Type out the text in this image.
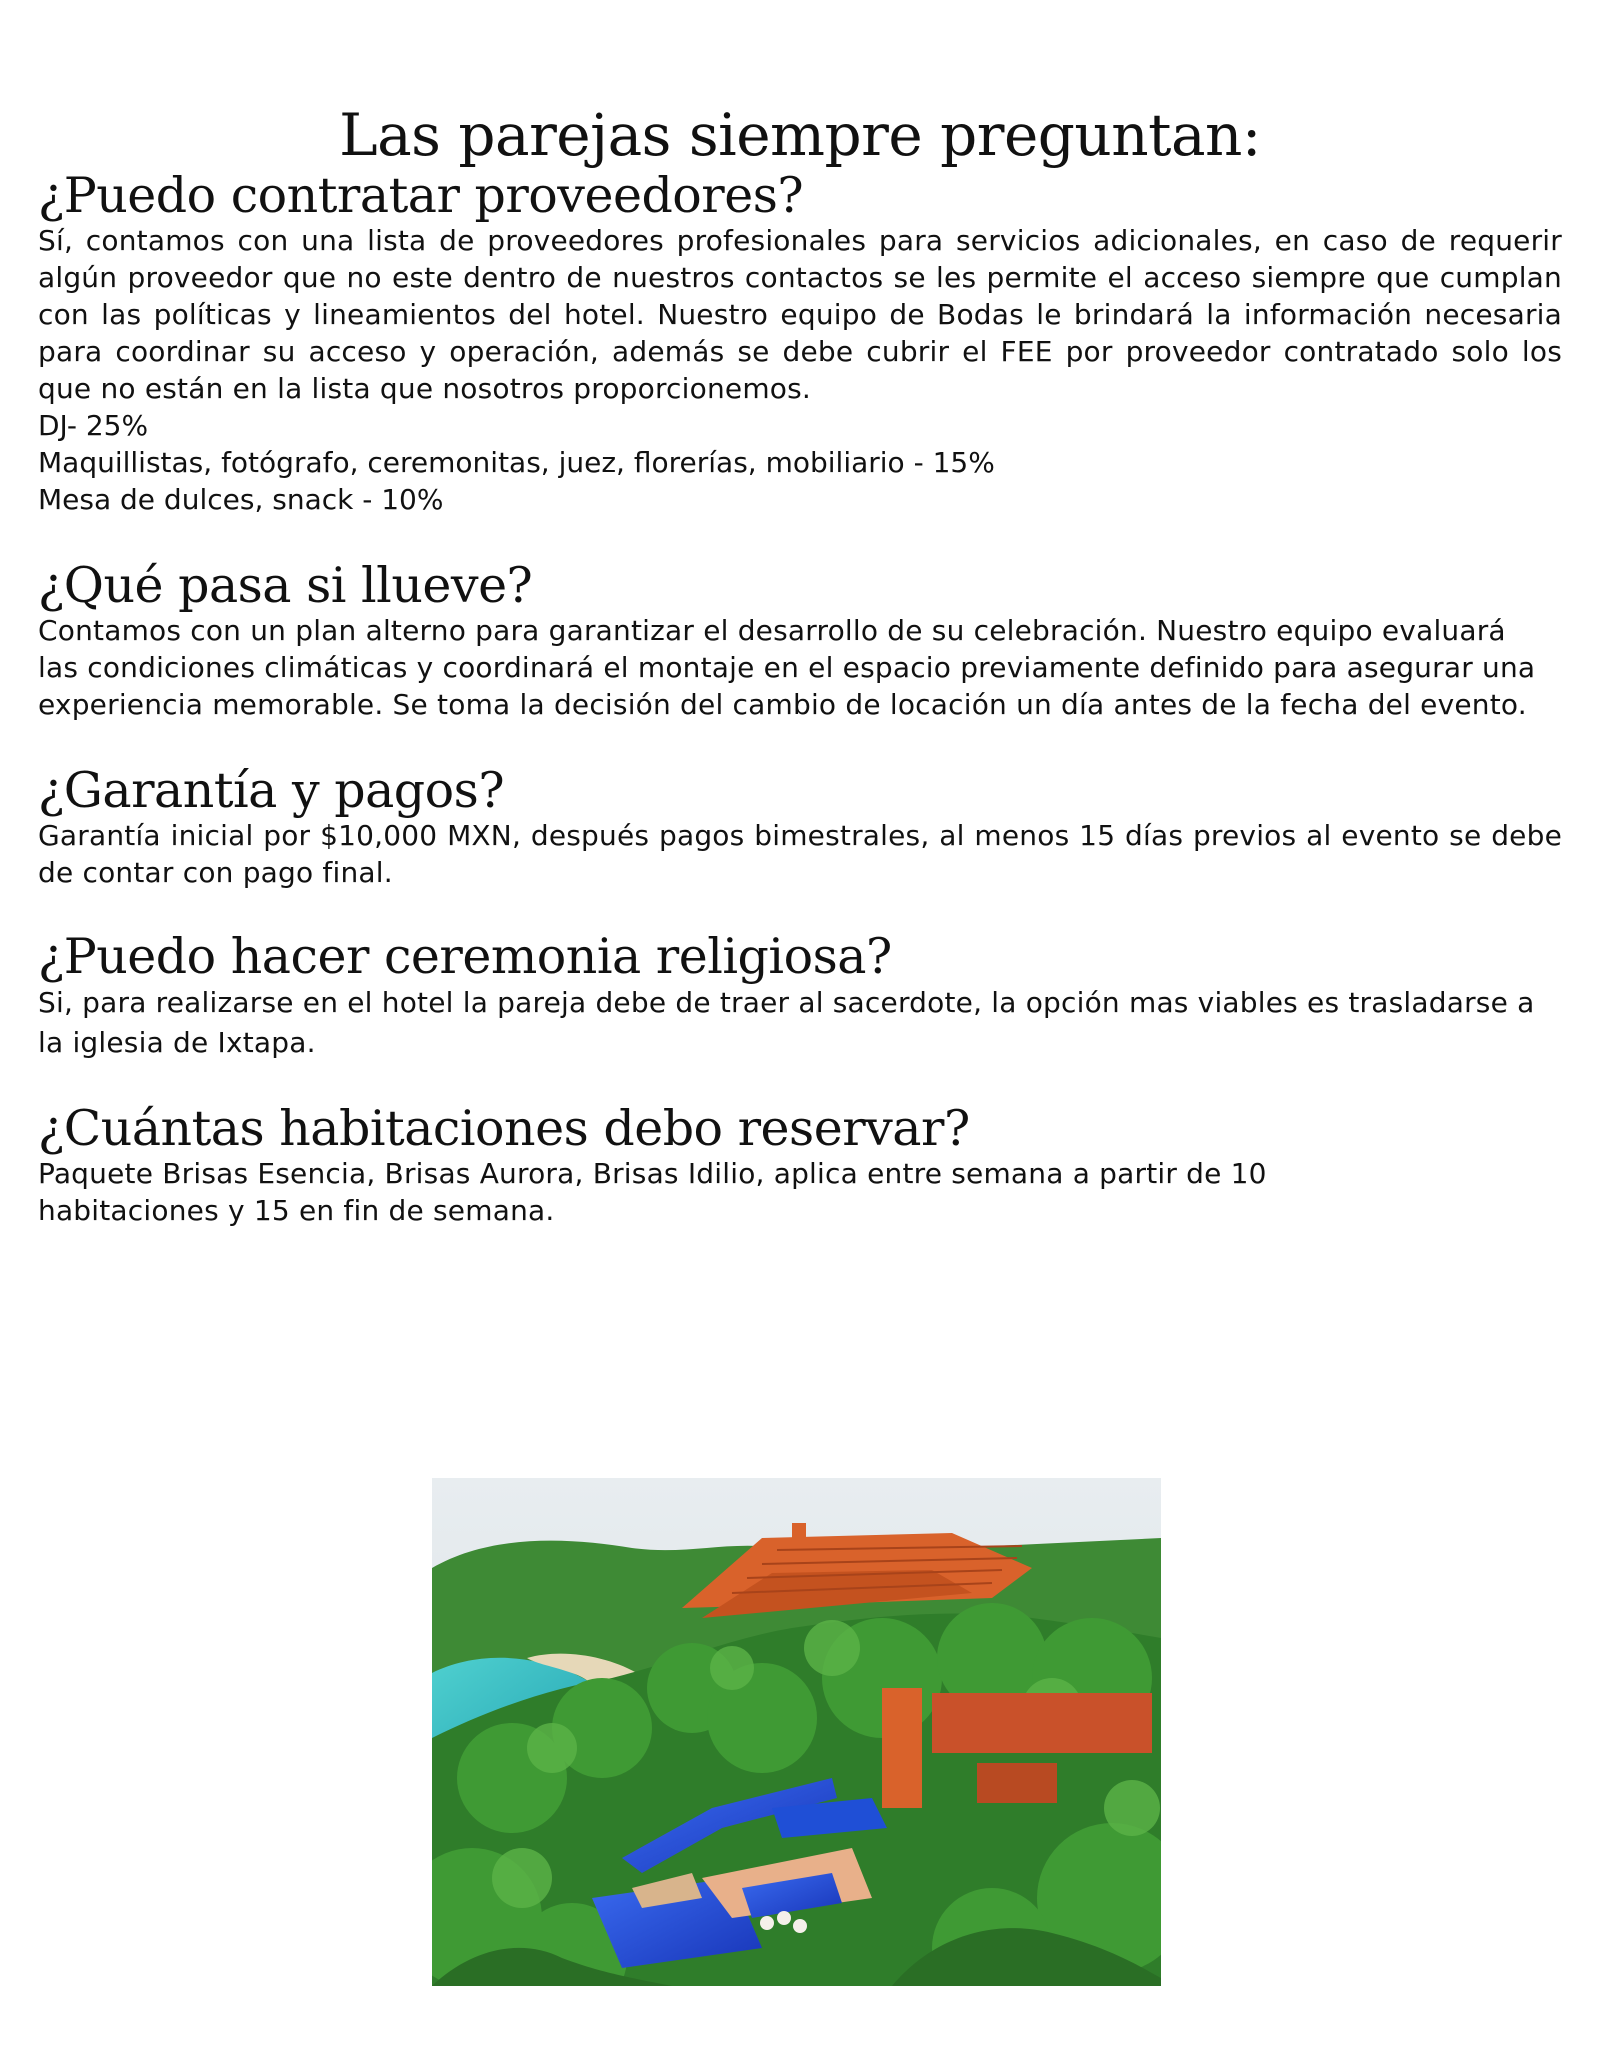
Las parejas siempre preguntan:
¿Puedo contratar proveedores?

Sí, contamos con una lista de proveedores profesionales para servicios adicionales, en caso de requerir algún proveedor que no este dentro de nuestros contactos se les permite el acceso siempre que cumplan con las políticas y lineamientos del hotel. Nuestro equipo de Bodas le brindará la información necesaria para coordinar su acceso y operación, además se debe cubrir el FEE por proveedor contratado solo los que no están en la lista que nosotros proporcionemos.

DJ- 25%

Maquillistas, fotógrafo, ceremonitas, juez, florerías, mobiliario - 15%

Mesa de dulces, snack - 10%

¿Qué pasa si llueve?

Contamos con un plan alterno para garantizar el desarrollo de su celebración. Nuestro equipo evaluará las condiciones climáticas y coordinará el montaje en el espacio previamente definido para asegurar una experiencia memorable. Se toma la decisión del cambio de locación un día antes de la fecha del evento.

¿Garantía y pagos?

Garantía inicial por $10,000 MXN, después pagos bimestrales, al menos 15 días previos al evento se debe de contar con pago final.

¿Puedo hacer ceremonia religiosa?

Si, para realizarse en el hotel la pareja debe de traer al sacerdote, la opción mas viables es trasladarse a la iglesia de Ixtapa.

¿Cuántas habitaciones debo reservar?

Paquete Brisas Esencia, Brisas Aurora, Brisas Idilio, aplica entre semana a partir de 10 habitaciones y 15 en fin de semana.
